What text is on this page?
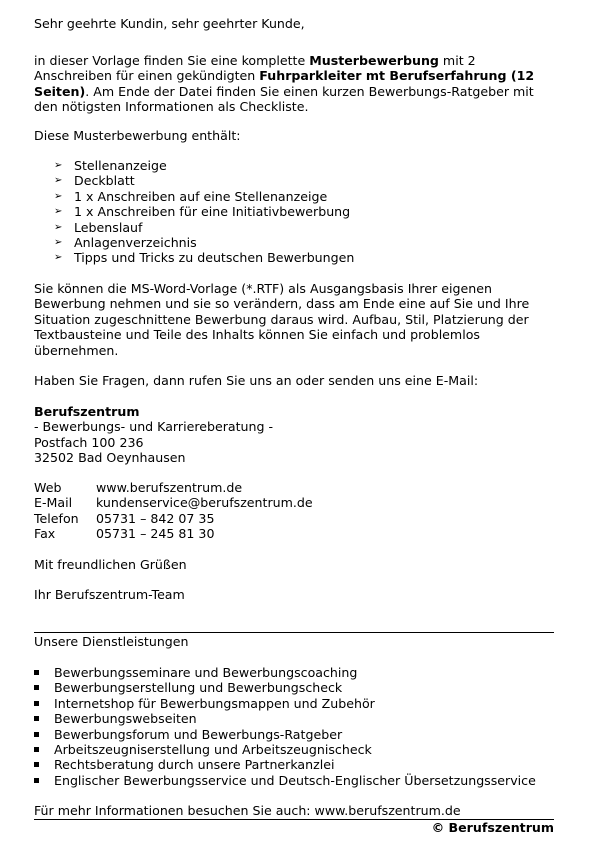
Sehr geehrte Kundin, sehr geehrter Kunde,

in dieser Vorlage finden Sie eine komplette Musterbewerbung mit 2 Anschreiben für einen gekündigten Fuhrparkleiter mt Berufserfahrung (12 Seiten). Am Ende der Datei finden Sie einen kurzen Bewerbungs-Ratgeber mit den nötigsten Informationen als Checkliste.

Diese Musterbewerbung enthält:

➢ Stellenanzeige
➢ Deckblatt
➢ 1 x Anschreiben auf eine Stellenanzeige
➢ 1 x Anschreiben für eine Initiativbewerbung
➢ Lebenslauf
➢ Anlagenverzeichnis
➢ Tipps und Tricks zu deutschen Bewerbungen

Sie können die MS-Word-Vorlage (*.RTF) als Ausgangsbasis Ihrer eigenen Bewerbung nehmen und sie so verändern, dass am Ende eine auf Sie und Ihre Situation zugeschnittene Bewerbung daraus wird. Aufbau, Stil, Platzierung der Textbausteine und Teile des Inhalts können Sie einfach und problemlos übernehmen.

Haben Sie Fragen, dann rufen Sie uns an oder senden uns eine E-Mail:

Berufszentrum
- Bewerbungs- und Karriereberatung -
Postfach 100 236
32502 Bad Oeynhausen
Web	www.berufszentrum.de
E-Mail	kundenservice@berufszentrum.de
Telefon	05731 – 842 07 35
Fax	05731 – 245 81 30

Mit freundlichen Grüßen

Ihr Berufszentrum-Team

Unsere Dienstleistungen

Bewerbungsseminare und Bewerbungscoaching
Bewerbungserstellung und Bewerbungscheck
Internetshop für Bewerbungsmappen und Zubehör
Bewerbungswebseiten
Bewerbungsforum und Bewerbungs-Ratgeber
Arbeitszeugniserstellung und Arbeitszeugnischeck
Rechtsberatung durch unsere Partnerkanzlei
Englischer Bewerbungsservice und Deutsch-Englischer Übersetzungsservice

Für mehr Informationen besuchen Sie auch: www.berufszentrum.de

© Berufszentrum
